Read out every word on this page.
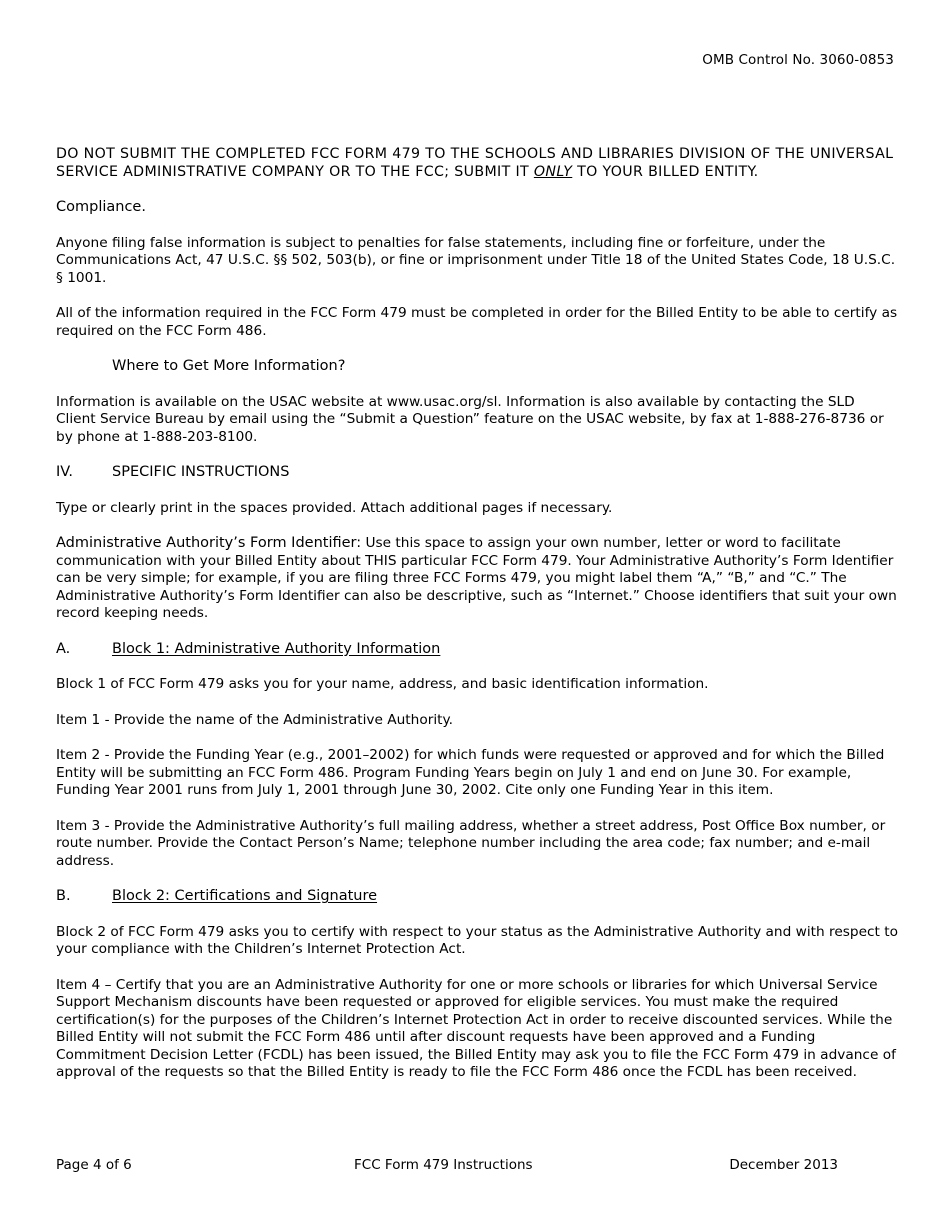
OMB Control No. 3060-0853

DO NOT SUBMIT THE COMPLETED FCC FORM 479 TO THE SCHOOLS AND LIBRARIES DIVISION OF THE UNIVERSAL SERVICE ADMINISTRATIVE COMPANY OR TO THE FCC; SUBMIT IT ONLY TO YOUR BILLED ENTITY.

Compliance.

Anyone filing false information is subject to penalties for false statements, including fine or forfeiture, under the Communications Act, 47 U.S.C. §§ 502, 503(b), or fine or imprisonment under Title 18 of the United States Code, 18 U.S.C. § 1001.

All of the information required in the FCC Form 479 must be completed in order for the Billed Entity to be able to certify as required on the FCC Form 486.

Where to Get More Information?

Information is available on the USAC website at www.usac.org/sl. Information is also available by contacting the SLD Client Service Bureau by email using the “Submit a Question” feature on the USAC website, by fax at 1-888-276-8736 or by phone at 1-888-203-8100.

IV.	SPECIFIC INSTRUCTIONS

Type or clearly print in the spaces provided. Attach additional pages if necessary.

Administrative Authority’s Form Identifier: Use this space to assign your own number, letter or word to facilitate communication with your Billed Entity about THIS particular FCC Form 479. Your Administrative Authority’s Form Identifier can be very simple; for example, if you are filing three FCC Forms 479, you might label them “A,” “B,” and “C.” The Administrative Authority’s Form Identifier can also be descriptive, such as “Internet.” Choose identifiers that suit your own record keeping needs.

A.	Block 1: Administrative Authority Information

Block 1 of FCC Form 479 asks you for your name, address, and basic identification information.

Item 1 - Provide the name of the Administrative Authority.

Item 2 - Provide the Funding Year (e.g., 2001–2002) for which funds were requested or approved and for which the Billed Entity will be submitting an FCC Form 486. Program Funding Years begin on July 1 and end on June 30. For example, Funding Year 2001 runs from July 1, 2001 through June 30, 2002. Cite only one Funding Year in this item.

Item 3 - Provide the Administrative Authority’s full mailing address, whether a street address, Post Office Box number, or route number. Provide the Contact Person’s Name; telephone number including the area code; fax number; and e-mail address.

B.	Block 2: Certifications and Signature

Block 2 of FCC Form 479 asks you to certify with respect to your status as the Administrative Authority and with respect to your compliance with the Children’s Internet Protection Act.

Item 4 – Certify that you are an Administrative Authority for one or more schools or libraries for which Universal Service Support Mechanism discounts have been requested or approved for eligible services. You must make the required certification(s) for the purposes of the Children’s Internet Protection Act in order to receive discounted services. While the Billed Entity will not submit the FCC Form 486 until after discount requests have been approved and a Funding Commitment Decision Letter (FCDL) has been issued, the Billed Entity may ask you to file the FCC Form 479 in advance of approval of the requests so that the Billed Entity is ready to file the FCC Form 486 once the FCDL has been received.

Page 4 of 6	FCC Form 479 Instructions	December 2013
